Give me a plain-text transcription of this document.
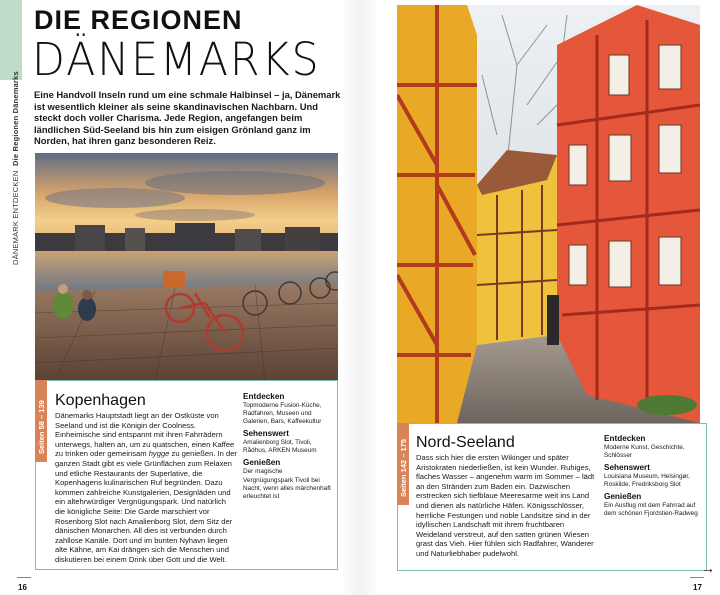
DÄNEMARK ENTDECKEN  Die Regionen Dänemarks
DIE REGIONEN
DÄNEMARKS
Eine Handvoll Inseln rund um eine schmale Halbinsel – ja, Dänemark ist wesentlich kleiner als seine skandinavischen Nachbarn. Und steckt doch voller Charisma. Jede Region, angefangen beim ländlichen Süd-Seeland bis hin zum eisigen Grönland ganz im Norden, hat ihren ganz besonderen Reiz.
Seiten 58 – 139 Kopenhagen
Dänemarks Hauptstadt liegt an der Ostküste von Seeland und ist die Königin der Coolness. Einheimische sind entspannt mit ihren Fahrrädern unterwegs, halten an, um zu quatschen, einen Kaffee zu trinken oder gemeinsam hygge zu genießen. In der ganzen Stadt gibt es viele Grünflächen zum Relaxen und etliche Restaurants der Superlative, die Kopenhagens kulinarischen Ruf begründen. Dazu kommen zahlreiche Kunstgalerien, Designläden und ein altehrwürdiger Vergnügungspark. Und natürlich die königliche Seite: Die Garde marschiert vor Rosenborg Slot nach Amalienborg Slot, dem Sitz der dänischen Monarchen. All dies ist verbunden durch zahllose Kanäle. Dort und im bunten Nyhavn liegen alte Kähne, am Kai drängen sich die Menschen und diskutieren bei einem Drink über Gott und die Welt.
Entdecken
Topmoderne Fusion-Küche, Radfahren, Museen und Galerien, Bars, Kaffeekultur
Sehenswert
Amalienborg Slot, Tivoli, Rådhus, ARKEN Museum
Genießen
Der magische Vergnügungspark Tivoli bei Nacht, wenn alles märchenhaft erleuchtet ist
16
Seiten 142 – 175 Nord-Seeland
Dass sich hier die ersten Wikinger und später Aristokraten niederließen, ist kein Wunder. Ruhiges, flaches Wasser – angenehm warm im Sommer – lädt an den Stränden zum Baden ein. Dazwischen erstrecken sich tiefblaue Meeresarme weit ins Land und dienen als natürliche Häfen. Königsschlösser, herrliche Festungen und noble Landsitze sind in der idyllischen Landschaft mit ihrem fruchtbaren Weideland verstreut, auf den satten grünen Wiesen grast das Vieh. Hier fühlen sich Radfahrer, Wanderer und Naturliebhaber pudelwohl.
Entdecken
Moderne Kunst, Geschichte, Schlösser
Sehenswert
Louisiana Museum, Helsingør, Roskilde, Fredriksborg Slot
Genießen
Ein Ausflug mit dem Fahrrad auf dem schönen Fjordstien-Radweg
→
17
